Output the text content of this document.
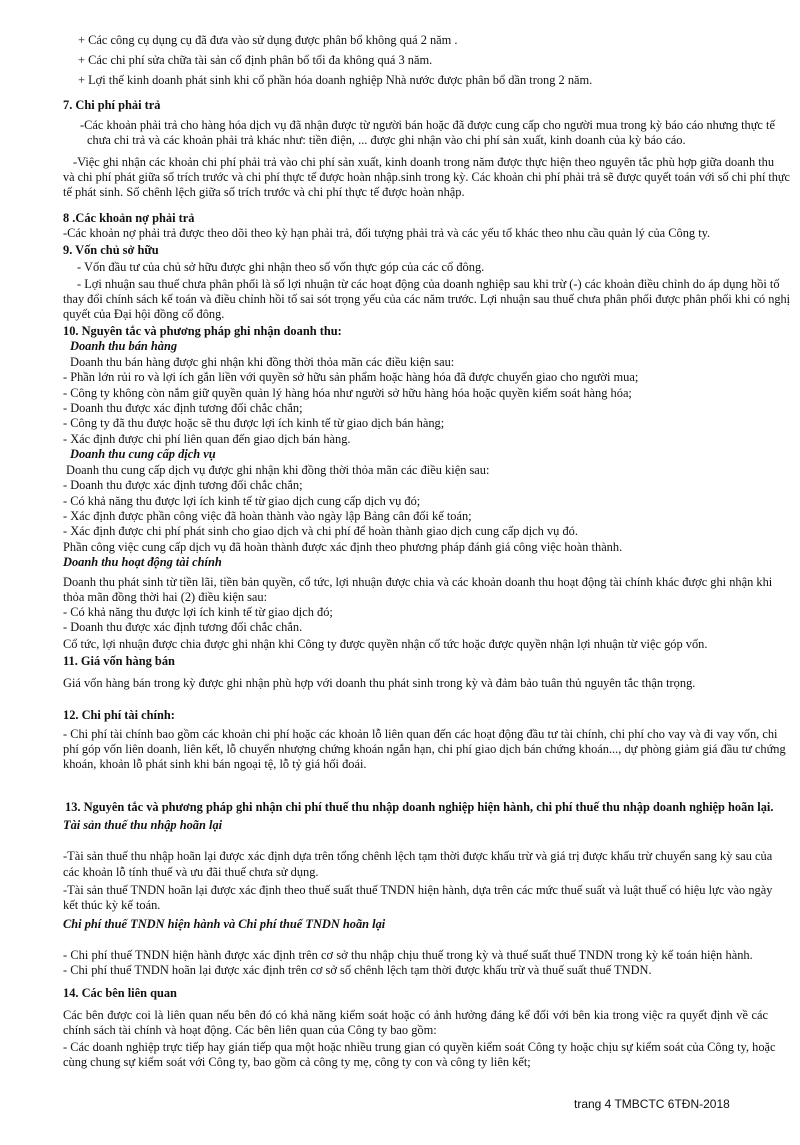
trang 4 TMBCTC 6TĐN-2018
+ Các công cụ dụng cụ đã đưa vào sử dụng được phân bổ không quá 2 năm .
+ Các chi phí sửa chữa tài sản cố định phân bổ tối đa không quá 3 năm.
+ Lợi thế kinh doanh phát sinh khi cổ phần hóa doanh nghiệp Nhà nước được phân bổ dần trong 2 năm.
7. Chi phí phải trả
-Các khoản phải trả cho hàng hóa dịch vụ đã nhận được từ người bán hoặc đã được cung cấp cho người mua trong kỳ báo cáo nhưng thực tế
chưa chi trả và các khoản phải trả khác như: tiền điện, ... được ghi nhận vào chi phí sản xuất, kinh doanh của kỳ báo cáo.
-Việc ghi nhận các khoản chi phí phải trả vào chi phí sản xuất, kinh doanh trong năm được thực hiện theo nguyên tắc phù hợp giữa doanh thu
và chi phí phát giữa số trích trước và chi phí thực tế được hoàn nhập.sinh trong kỳ. Các khoản chi phí phải trả sẽ được quyết toán với số chi phí thực
tế phát sinh. Số chênh lệch giữa số trích trước và chi phí thực tế được hoàn nhập.
8 .Các khoản nợ phải trả
-Các khoản nợ phải trả được theo dõi theo kỳ hạn phải trả, đối tượng phải trả và các yếu tố khác theo nhu cầu quản lý của Công ty.
9. Vốn chủ sở hữu
- Vốn đầu tư của chủ sở hữu được ghi nhận theo số vốn thực góp của các cổ đông.
- Lợi nhuận sau thuế chưa phân phối là số lợi nhuận từ các hoạt động của doanh nghiệp sau khi trừ (-) các khoản điều chỉnh do áp dụng hồi tố
thay đổi chính sách kế toán và điều chỉnh hồi tố sai sót trọng yếu của các năm trước. Lợi nhuận sau thuế chưa phân phối được phân phối khi có nghị
quyết của Đại hội đồng cổ đông.
10. Nguyên tắc và phương pháp ghi nhận doanh thu:
Doanh thu bán hàng
Doanh thu bán hàng được ghi nhận khi đồng thời thỏa mãn các điều kiện sau:
- Phần lớn rủi ro và lợi ích gắn liền với quyền sở hữu sản phẩm hoặc hàng hóa đã được chuyển giao cho người mua;
- Công ty không còn nắm giữ quyền quản lý hàng hóa như người sở hữu hàng hóa hoặc quyền kiểm soát hàng hóa;
- Doanh thu được xác định tương đối chắc chắn;
- Công ty đã thu được hoặc sẽ thu được lợi ích kinh tế từ giao dịch bán hàng;
- Xác định được chi phí liên quan đến giao dịch bán hàng.
Doanh thu cung cấp dịch vụ
Doanh thu cung cấp dịch vụ được ghi nhận khi đồng thời thỏa mãn các điều kiện sau:
- Doanh thu được xác định tương đối chắc chắn;
- Có khả năng thu được lợi ích kinh tế từ giao dịch cung cấp dịch vụ đó;
- Xác định được phần công việc đã hoàn thành vào ngày lập Bảng cân đối kế toán;
- Xác định được chi phí phát sinh cho giao dịch và chi phí để hoàn thành giao dịch cung cấp dịch vụ đó.
Phần công việc cung cấp dịch vụ đã hoàn thành được xác định theo phương pháp đánh giá công việc hoàn thành.
Doanh thu hoạt động tài chính
Doanh thu phát sinh từ tiền lãi, tiền bản quyền, cổ tức, lợi nhuận được chia và các khoản doanh thu hoạt động tài chính khác được ghi nhận khi
thỏa mãn đồng thời hai (2) điều kiện sau:
- Có khả năng thu được lợi ích kinh tế từ giao dịch đó;
- Doanh thu được xác định tương đối chắc chắn.
Cổ tức, lợi nhuận được chia được ghi nhận khi Công ty được quyền nhận cổ tức hoặc được quyền nhận lợi nhuận từ việc góp vốn.
11. Giá vốn hàng bán
Giá vốn hàng bán trong kỳ được ghi nhận phù hợp với doanh thu phát sinh trong kỳ và đảm bảo tuân thủ nguyên tắc thận trọng.
12. Chi phí tài chính:
- Chi phí tài chính bao gồm các khoản chi phí hoặc các khoản lỗ liên quan đến các hoạt động đầu tư tài chính, chi phí cho vay và đi vay vốn, chi
phí góp vốn liên doanh, liên kết, lỗ chuyển nhượng chứng khoán ngắn hạn, chi phí giao dịch bán chứng khoán..., dự phòng giảm giá đầu tư chứng
khoán, khoản lỗ phát sinh khi bán ngoại tệ, lỗ tỷ giá hối đoái.
13. Nguyên tắc và phương pháp ghi nhận chi phí thuế thu nhập doanh nghiệp hiện hành, chi phí thuế thu nhập doanh nghiệp hoãn lại.
Tài sản thuế thu nhập hoãn lại
-Tài sản thuế thu nhập hoãn lại được xác định dựa trên tổng chênh lệch tạm thời được khấu trừ và giá trị được khấu trừ chuyển sang kỳ sau của
các khoản lỗ tính thuế và ưu đãi thuế chưa sử dụng.
-Tài sản thuế TNDN hoãn lại được xác định theo thuế suất thuế TNDN hiện hành, dựa trên các mức thuế suất và luật thuế có hiệu lực vào ngày
kết thúc kỳ kế toán.
Chi phí thuế TNDN hiện hành và Chi phí thuế TNDN hoãn lại
- Chi phí thuế TNDN hiện hành được xác định trên cơ sở thu nhập chịu thuế trong kỳ và thuế suất thuế TNDN trong kỳ kế toán hiện hành.
- Chi phí thuế TNDN hoãn lại được xác định trên cơ sở số chênh lệch tạm thời được khấu trừ và thuế suất thuế TNDN.
14. Các bên liên quan
Các bên được coi là liên quan nếu bên đó có khả năng kiểm soát hoặc có ảnh hưởng đáng kể đối với bên kia trong việc ra quyết định về các
chính sách tài chính và hoạt động. Các bên liên quan của Công ty bao gồm:
- Các doanh nghiệp trực tiếp hay gián tiếp qua một hoặc nhiều trung gian có quyền kiểm soát Công ty hoặc chịu sự kiểm soát của Công ty, hoặc
cùng chung sự kiểm soát với Công ty, bao gồm cả công ty mẹ, công ty con và công ty liên kết;
